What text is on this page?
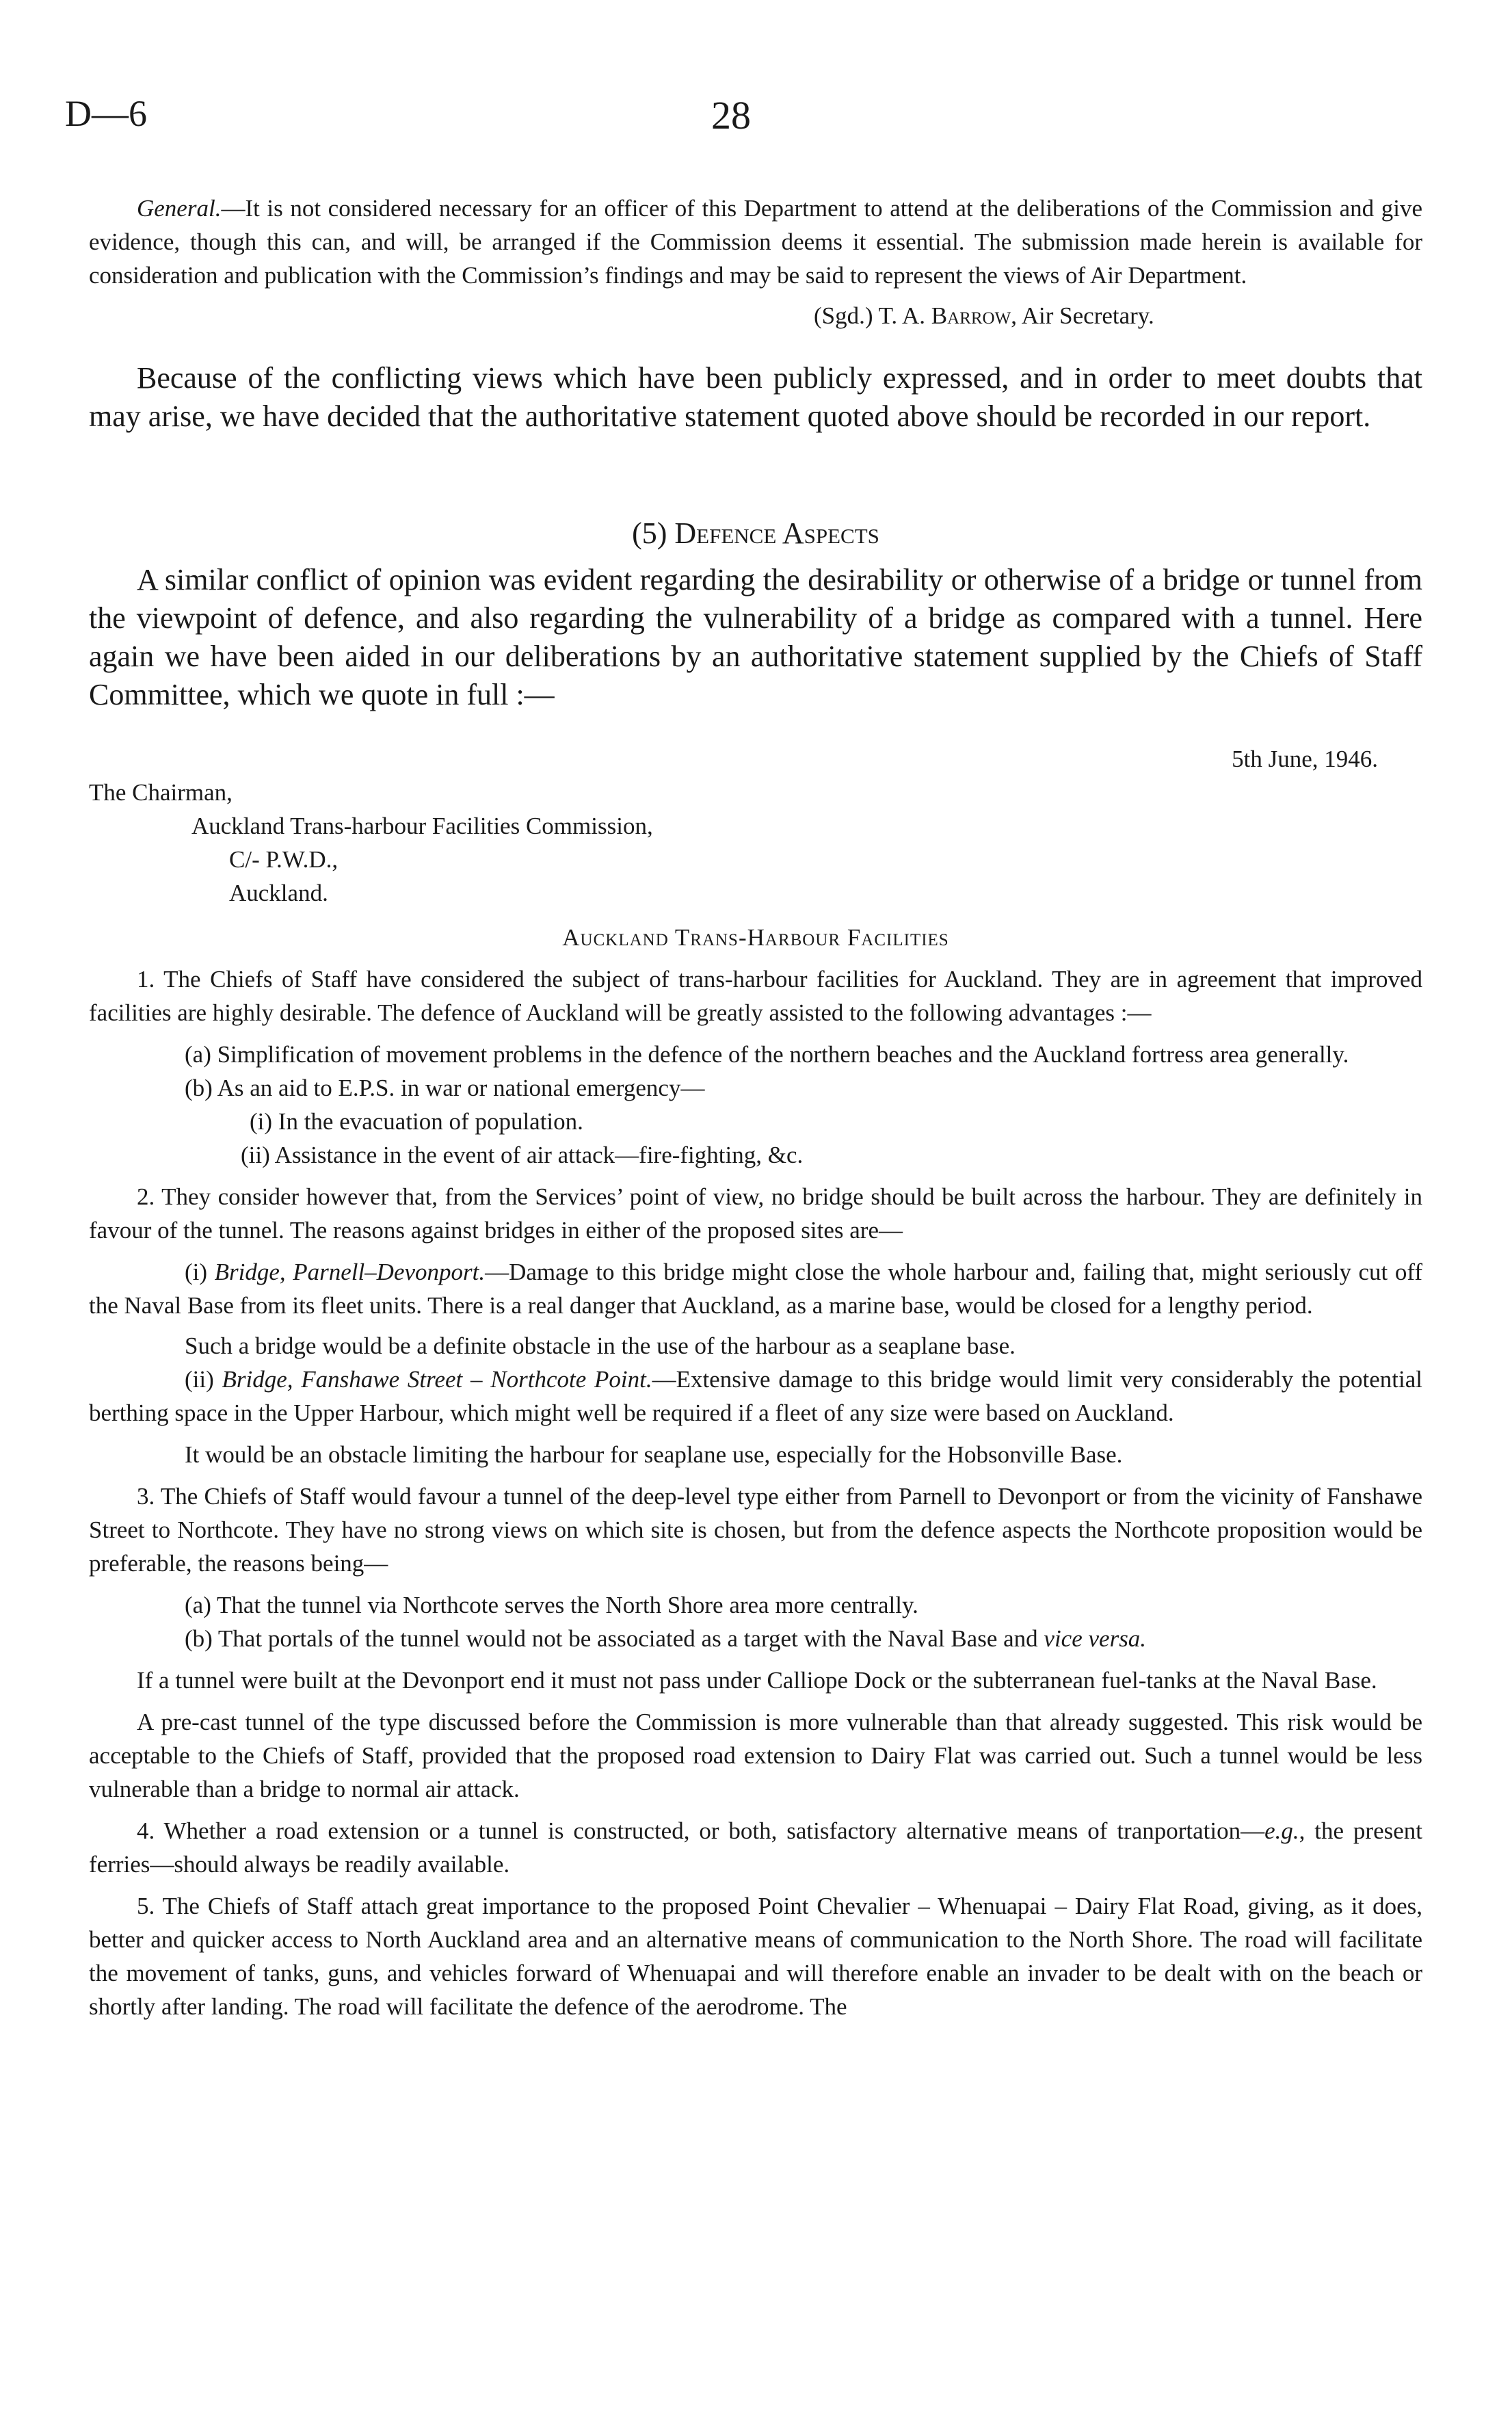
D—6	28

General.—It is not considered necessary for an officer of this Department to attend at the deliberations of the Commission and give evidence, though this can, and will, be arranged if the Commission deems it essential. The submission made herein is available for consideration and publication with the Commission’s findings and may be said to represent the views of Air Department.

(Sgd.) T. A. Barrow, Air Secretary.

Because of the conflicting views which have been publicly expressed, and in order to meet doubts that may arise, we have decided that the authoritative statement quoted above should be recorded in our report.

(5) Defence Aspects

A similar conflict of opinion was evident regarding the desirability or otherwise of a bridge or tunnel from the viewpoint of defence, and also regarding the vulnerability of a bridge as compared with a tunnel. Here again we have been aided in our deliberations by an authoritative statement supplied by the Chiefs of Staff Committee, which we quote in full :—

5th June, 1946.

The Chairman,

Auckland Trans-harbour Facilities Commission,

C/- P.W.D.,

Auckland.

Auckland Trans-Harbour Facilities

1. The Chiefs of Staff have considered the subject of trans-harbour facilities for Auckland. They are in agreement that improved facilities are highly desirable. The defence of Auckland will be greatly assisted to the following advantages :—

(a) Simplification of movement problems in the defence of the northern beaches and the Auckland fortress area generally.

(b) As an aid to E.P.S. in war or national emergency—

(i) In the evacuation of population.

(ii) Assistance in the event of air attack—fire-fighting, &c.

2. They consider however that, from the Services’ point of view, no bridge should be built across the harbour. They are definitely in favour of the tunnel. The reasons against bridges in either of the proposed sites are—

(i) Bridge, Parnell–Devonport.—Damage to this bridge might close the whole harbour and, failing that, might seriously cut off the Naval Base from its fleet units. There is a real danger that Auckland, as a marine base, would be closed for a lengthy period.

Such a bridge would be a definite obstacle in the use of the harbour as a seaplane base.

(ii) Bridge, Fanshawe Street – Northcote Point.—Extensive damage to this bridge would limit very considerably the potential berthing space in the Upper Harbour, which might well be required if a fleet of any size were based on Auckland.

It would be an obstacle limiting the harbour for seaplane use, especially for the Hobsonville Base.

3. The Chiefs of Staff would favour a tunnel of the deep-level type either from Parnell to Devonport or from the vicinity of Fanshawe Street to Northcote. They have no strong views on which site is chosen, but from the defence aspects the Northcote proposition would be preferable, the reasons being—

(a) That the tunnel via Northcote serves the North Shore area more centrally.

(b) That portals of the tunnel would not be associated as a target with the Naval Base and vice versa.

If a tunnel were built at the Devonport end it must not pass under Calliope Dock or the subterranean fuel-tanks at the Naval Base.

A pre-cast tunnel of the type discussed before the Commission is more vulnerable than that already suggested. This risk would be acceptable to the Chiefs of Staff, provided that the proposed road extension to Dairy Flat was carried out. Such a tunnel would be less vulnerable than a bridge to normal air attack.

4. Whether a road extension or a tunnel is constructed, or both, satisfactory alternative means of tranportation—e.g., the present ferries—should always be readily available.

5. The Chiefs of Staff attach great importance to the proposed Point Chevalier – Whenuapai – Dairy Flat Road, giving, as it does, better and quicker access to North Auckland area and an alternative means of communication to the North Shore. The road will facilitate the movement of tanks, guns, and vehicles forward of Whenuapai and will therefore enable an invader to be dealt with on the beach or shortly after landing. The road will facilitate the defence of the aerodrome. The
